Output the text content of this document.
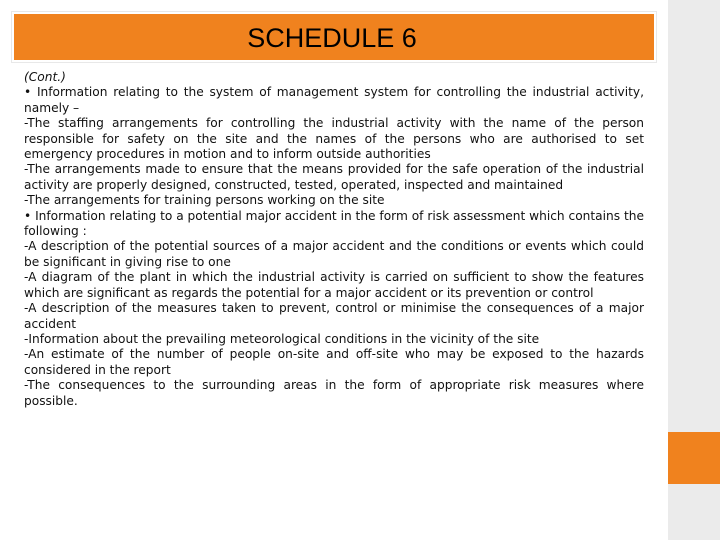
SCHEDULE 6

(Cont.)

• Information relating to the system of management system for controlling the industrial activity, namely –

-The staffing arrangements for controlling the industrial activity with the name of the person responsible for safety on the site and the names of the persons who are authorised to set emergency procedures in motion and to inform outside authorities

-The arrangements made to ensure that the means provided for the safe operation of the industrial activity are properly designed, constructed, tested, operated, inspected and maintained

-The arrangements for training persons working on the site

• Information relating to a potential major accident in the form of risk assessment which contains the following :

-A description of the potential sources of a major accident and the conditions or events which could be significant in giving rise to one

-A diagram of the plant in which the industrial activity is carried on sufficient to show the features which are significant as regards the potential for a major accident or its prevention or control

-A description of the measures taken to prevent, control or minimise the consequences of a major accident

-Information about the prevailing meteorological conditions in the vicinity of the site

-An estimate of the number of people on-site and off-site who may be exposed to the hazards considered in the report

-The consequences to the surrounding areas in the form of appropriate risk measures where possible.
